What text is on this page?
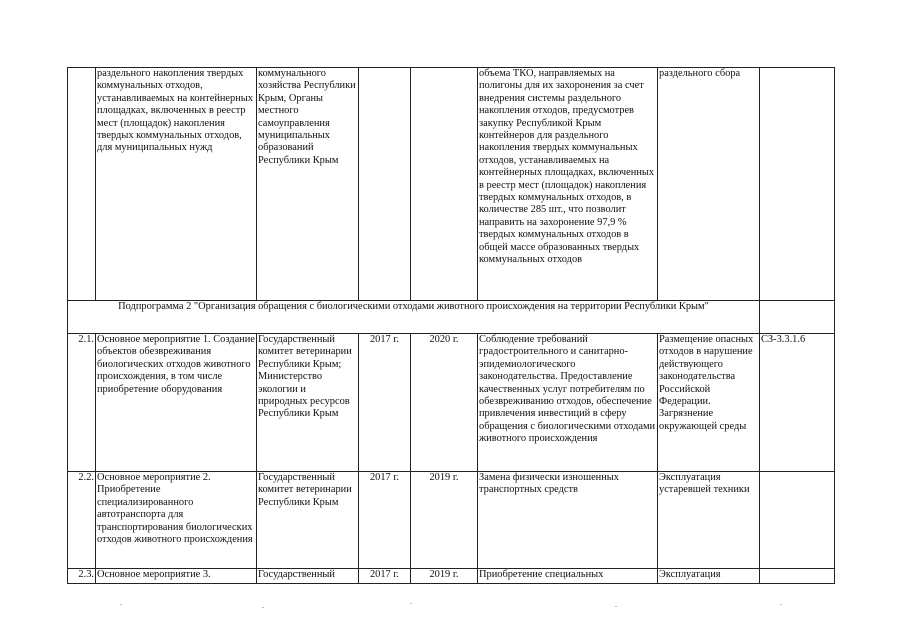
	раздельного накопления твердых коммунальных отходов, устанавливаемых на контейнерных площадках, включенных в реестр мест (площадок) накопления твердых коммунальных отходов, для муниципальных нужд	коммунального хозяйства Республики Крым, Органы местного самоуправления муниципальных образований Республики Крым			объема ТКО, направляемых на полигоны для их захоронения за счет внедрения системы раздельного накопления отходов, предусмотрев закупку Республикой Крым контейнеров для раздельного накопления твердых коммунальных отходов, устанавливаемых на контейнерных площадках, включенных в реестр мест (площадок) накопления твердых коммунальных отходов, в количестве 285 шт., что позволит направить на захоронение 97,9 % твердых коммунальных отходов в общей массе образованных твердых коммунальных отходов	раздельного сбора	
Подпрограмма 2 "Организация обращения с биологическими отходами животного происхождения на территории Республики Крым"							
2.1.	Основное мероприятие 1. Создание объектов обезвреживания биологических отходов животного происхождения, в том числе приобретение оборудования	Государственный комитет ветеринарии Республики Крым; Министерство экологии и природных ресурсов Республики Крым	2017 г.	2020 г.	Соблюдение требований градостроительного и санитарно-эпидемиологического законодательства. Предоставление качественных услуг потребителям по обезвреживанию отходов, обеспечение привлечения инвестиций в сферу обращения с биологическими отходами животного происхождения	Размещение опасных отходов в нарушение действующего законодательства Российской Федерации. Загрязнение окружающей среды	СЗ-3.3.1.6
2.2.	Основное мероприятие 2. Приобретение специализированного автотранспорта для транспортирования биологических отходов животного происхождения	Государственный комитет ветеринарии Республики Крым	2017 г.	2019 г.	Замена физически изношенных транспортных средств	Эксплуатация устаревшей техники	
2.3.	Основное мероприятие 3.	Государственный	2017 г.	2019 г.	Приобретение специальных	Эксплуатация	
